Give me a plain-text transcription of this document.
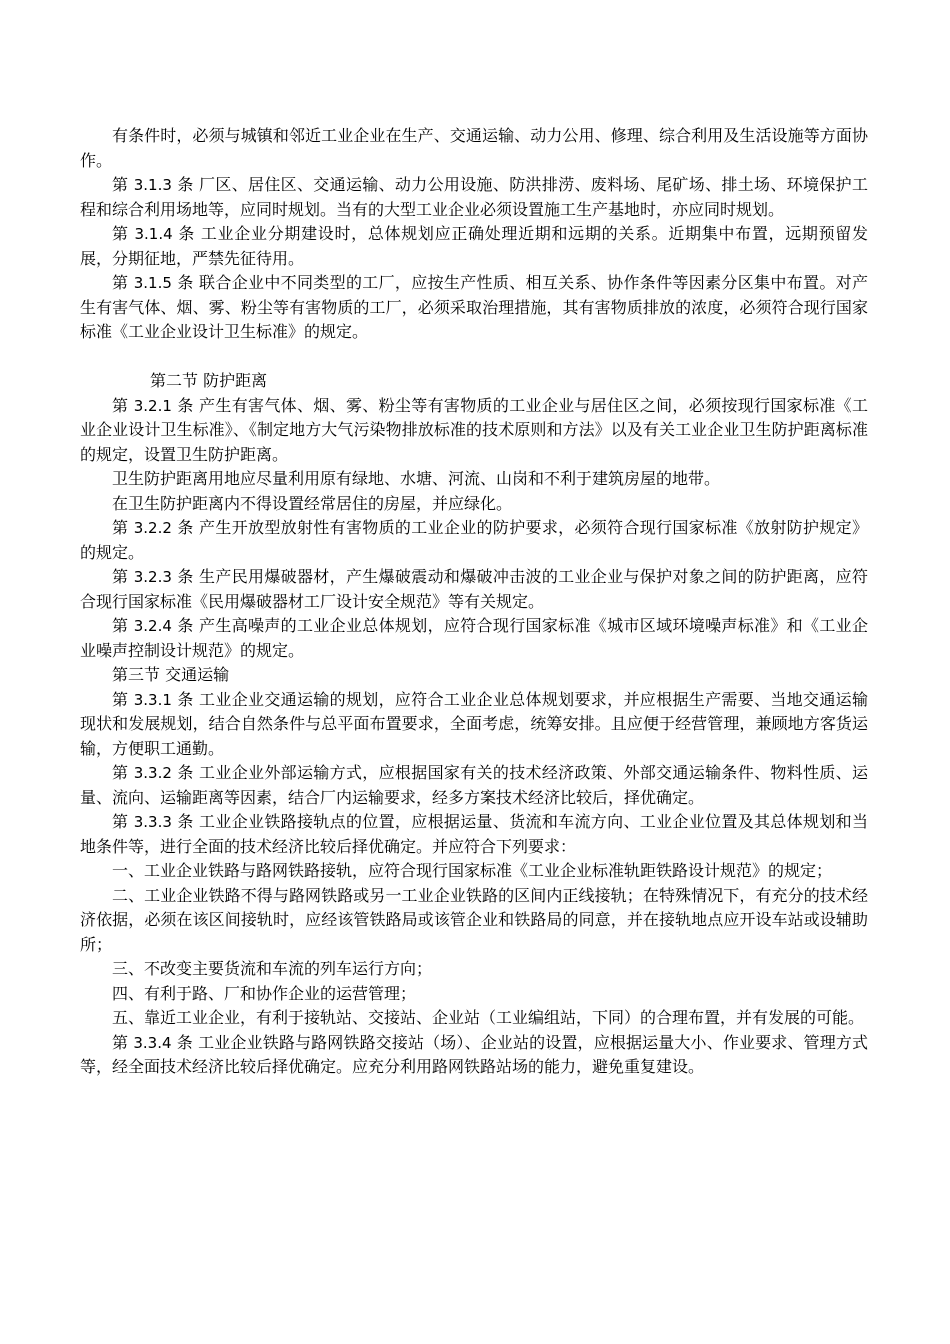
有条件时，必须与城镇和邻近工业企业在生产、交通运输、动力公用、修理、综合利用及生活设施等方面协作。

第 3.1.3 条 厂区、居住区、交通运输、动力公用设施、防洪排涝、废料场、尾矿场、排土场、环境保护工程和综合利用场地等，应同时规划。当有的大型工业企业必须设置施工生产基地时，亦应同时规划。

第 3.1.4 条 工业企业分期建设时，总体规划应正确处理近期和远期的关系。近期集中布置，远期预留发展，分期征地，严禁先征待用。

第 3.1.5 条 联合企业中不同类型的工厂，应按生产性质、相互关系、协作条件等因素分区集中布置。对产生有害气体、烟、雾、粉尘等有害物质的工厂，必须采取治理措施，其有害物质排放的浓度，必须符合现行国家标准《工业企业设计卫生标准》的规定。

第二节 防护距离

第 3.2.1 条 产生有害气体、烟、雾、粉尘等有害物质的工业企业与居住区之间，必须按现行国家标准《工业企业设计卫生标准》、《制定地方大气污染物排放标准的技术原则和方法》以及有关工业企业卫生防护距离标准的规定，设置卫生防护距离。

卫生防护距离用地应尽量利用原有绿地、水塘、河流、山岗和不利于建筑房屋的地带。

在卫生防护距离内不得设置经常居住的房屋，并应绿化。

第 3.2.2 条 产生开放型放射性有害物质的工业企业的防护要求，必须符合现行国家标准《放射防护规定》的规定。

第 3.2.3 条 生产民用爆破器材，产生爆破震动和爆破冲击波的工业企业与保护对象之间的防护距离，应符合现行国家标准《民用爆破器材工厂设计安全规范》等有关规定。

第 3.2.4 条 产生高噪声的工业企业总体规划，应符合现行国家标准《城市区域环境噪声标准》和《工业企业噪声控制设计规范》的规定。

第三节 交通运输

第 3.3.1 条 工业企业交通运输的规划，应符合工业企业总体规划要求，并应根据生产需要、当地交通运输现状和发展规划，结合自然条件与总平面布置要求，全面考虑，统筹安排。且应便于经营管理，兼顾地方客货运输，方便职工通勤。

第 3.3.2 条 工业企业外部运输方式，应根据国家有关的技术经济政策、外部交通运输条件、物料性质、运量、流向、运输距离等因素，结合厂内运输要求，经多方案技术经济比较后，择优确定。

第 3.3.3 条 工业企业铁路接轨点的位置，应根据运量、货流和车流方向、工业企业位置及其总体规划和当地条件等，进行全面的技术经济比较后择优确定。并应符合下列要求：

一、工业企业铁路与路网铁路接轨，应符合现行国家标准《工业企业标准轨距铁路设计规范》的规定；

二、工业企业铁路不得与路网铁路或另一工业企业铁路的区间内正线接轨；在特殊情况下，有充分的技术经济依据，必须在该区间接轨时，应经该管铁路局或该管企业和铁路局的同意，并在接轨地点应开设车站或设辅助所；

三、不改变主要货流和车流的列车运行方向；

四、有利于路、厂和协作企业的运营管理；

五、靠近工业企业，有利于接轨站、交接站、企业站（工业编组站，下同）的合理布置，并有发展的可能。

第 3.3.4 条 工业企业铁路与路网铁路交接站（场）、企业站的设置，应根据运量大小、作业要求、管理方式等，经全面技术经济比较后择优确定。应充分利用路网铁路站场的能力，避免重复建设。
